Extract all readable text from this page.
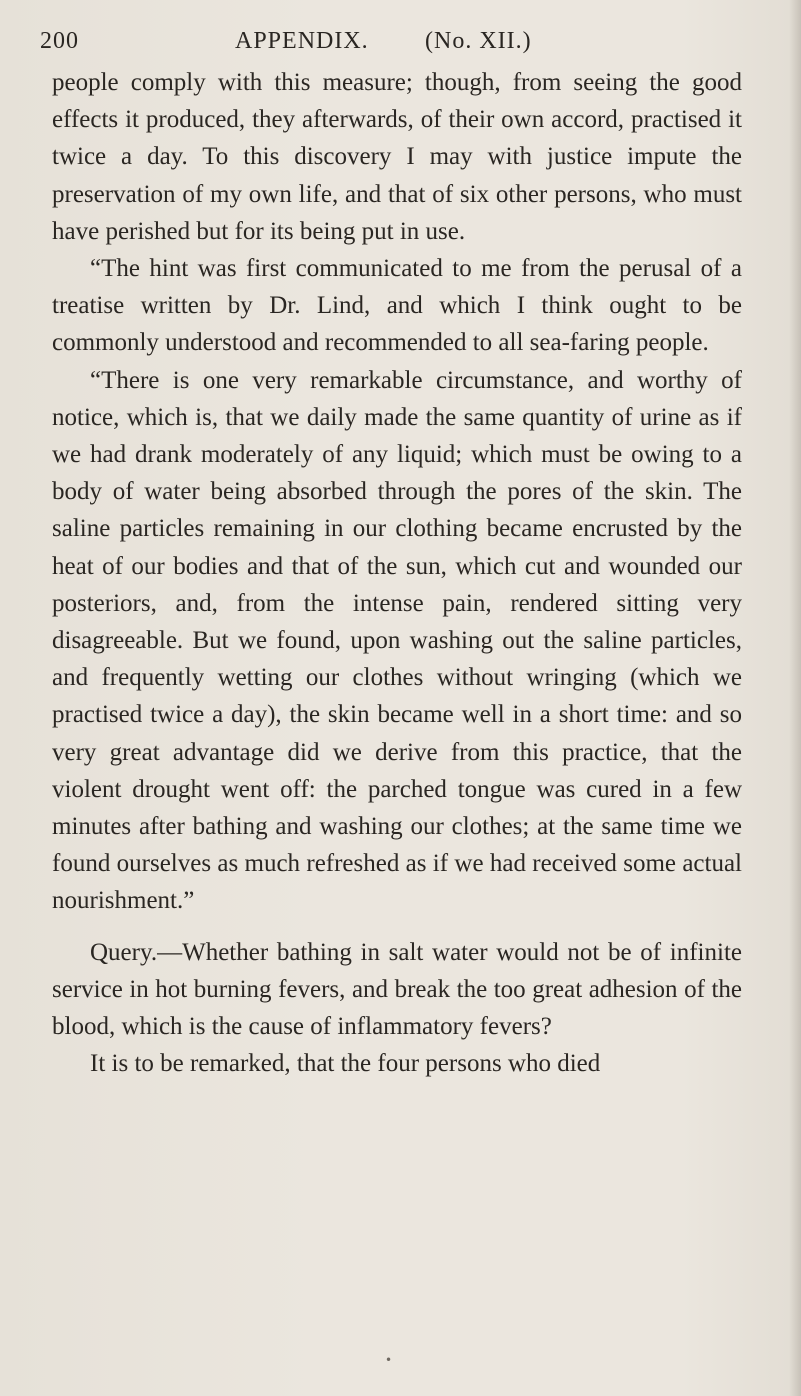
200	APPENDIX. (No. XII.)

people comply with this measure; though, from seeing the good effects it produced, they afterwards, of their own accord, practised it twice a day. To this discovery I may with justice impute the preservation of my own life, and that of six other persons, who must have perished but for its being put in use.

“The hint was first communicated to me from the perusal of a treatise written by Dr. Lind, and which I think ought to be commonly understood and recommended to all sea-faring people.

“There is one very remarkable circumstance, and worthy of notice, which is, that we daily made the same quantity of urine as if we had drank moderately of any liquid; which must be owing to a body of water being absorbed through the pores of the skin. The saline particles remaining in our clothing became encrusted by the heat of our bodies and that of the sun, which cut and wounded our posteriors, and, from the intense pain, rendered sitting very disagreeable. But we found, upon washing out the saline particles, and frequently wetting our clothes without wringing (which we practised twice a day), the skin became well in a short time: and so very great advantage did we derive from this practice, that the violent drought went off: the parched tongue was cured in a few minutes after bathing and washing our clothes; at the same time we found ourselves as much refreshed as if we had received some actual nourishment.”

Query.—Whether bathing in salt water would not be of infinite service in hot burning fevers, and break the too great adhesion of the blood, which is the cause of inflammatory fevers?

It is to be remarked, that the four persons who died

•
